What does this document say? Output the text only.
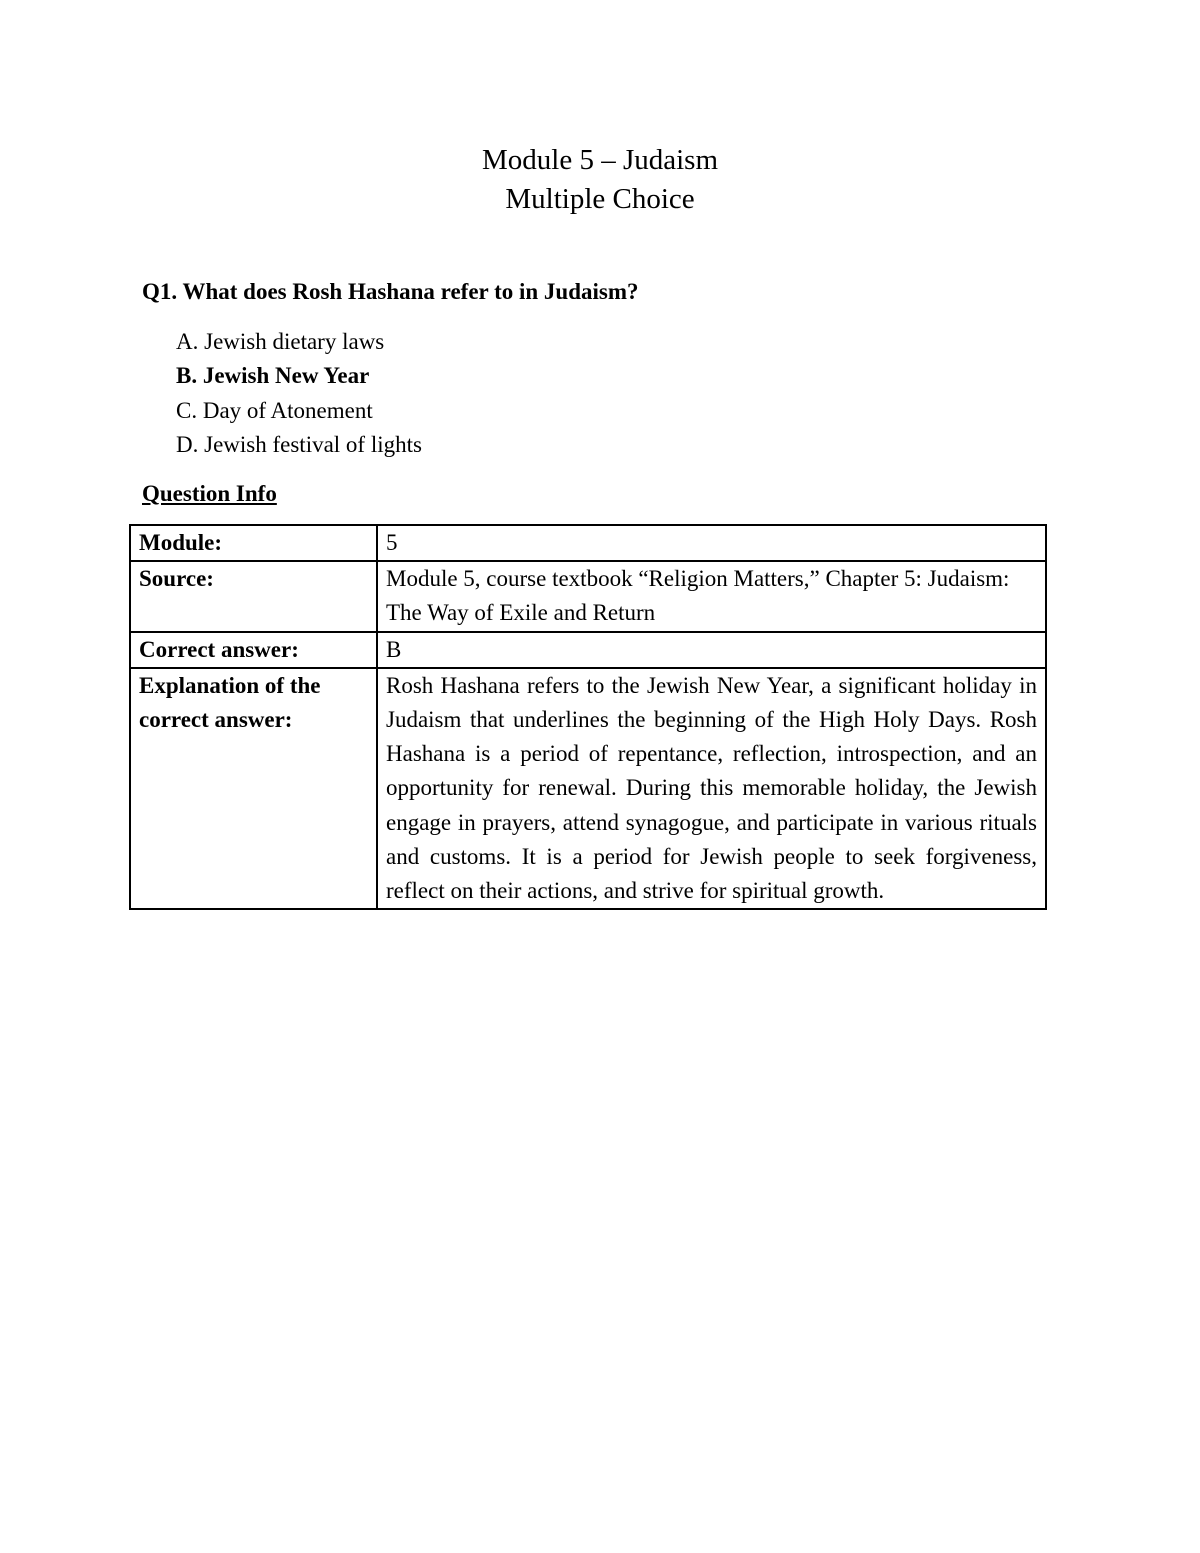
Module 5 – Judaism
Multiple Choice
Q1. What does Rosh Hashana refer to in Judaism?
A. Jewish dietary laws
B. Jewish New Year
C. Day of Atonement
D. Jewish festival of lights
Question Info
Module:	5
Source:	Module 5, course textbook “Religion Matters,” Chapter 5: Judaism: The Way of Exile and Return
Correct answer:	B
Explanation of the correct answer:	Rosh Hashana refers to the Jewish New Year, a significant holiday in Judaism that underlines the beginning of the High Holy Days. Rosh Hashana is a period of repentance, reflection, introspection, and an opportunity for renewal. During this memorable holiday, the Jewish engage in prayers, attend synagogue, and participate in various rituals and customs. It is a period for Jewish people to seek forgiveness, reflect on their actions, and strive for spiritual growth.
